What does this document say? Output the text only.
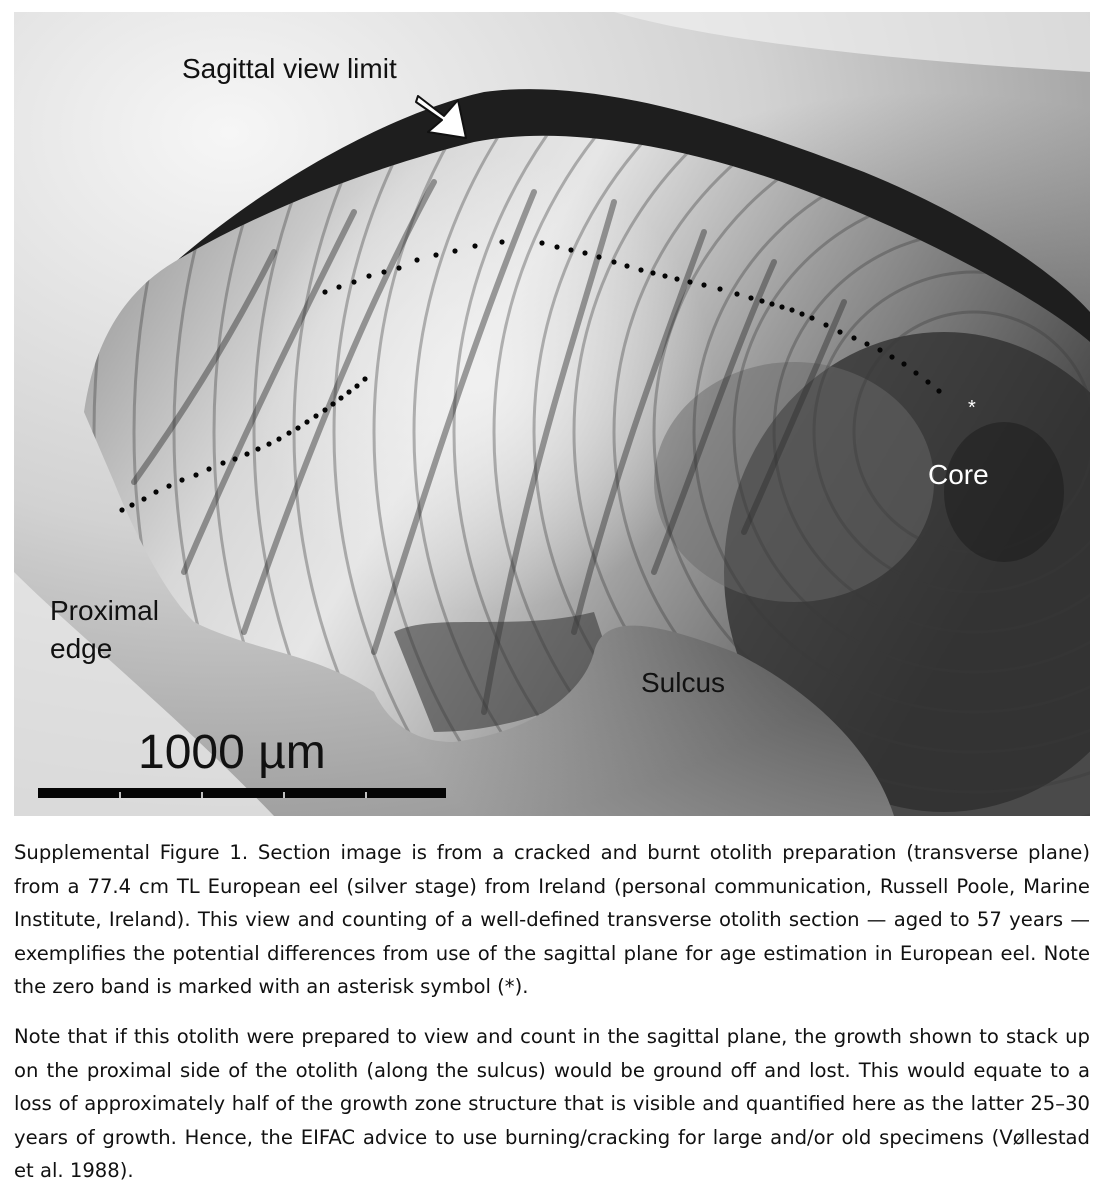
Sagittal view limit
Core
Proximal
edge
Sulcus
*
1000 µm

Supplemental Figure 1. Section image is from a cracked and burnt otolith preparation (transverse plane) from a 77.4 cm TL European eel (silver stage) from Ireland (personal communication, Russell Poole, Marine Institute, Ireland). This view and counting of a well-defined transverse otolith section — aged to 57 years — exemplifies the potential differences from use of the sagittal plane for age estimation in European eel. Note the zero band is marked with an asterisk symbol (*).

Note that if this otolith were prepared to view and count in the sagittal plane, the growth shown to stack up on the proximal side of the otolith (along the sulcus) would be ground off and lost. This would equate to a loss of approximately half of the growth zone structure that is visible and quantified here as the latter 25–30 years of growth. Hence, the EIFAC advice to use burning/cracking for large and/or old specimens (Vøllestad et al. 1988).
